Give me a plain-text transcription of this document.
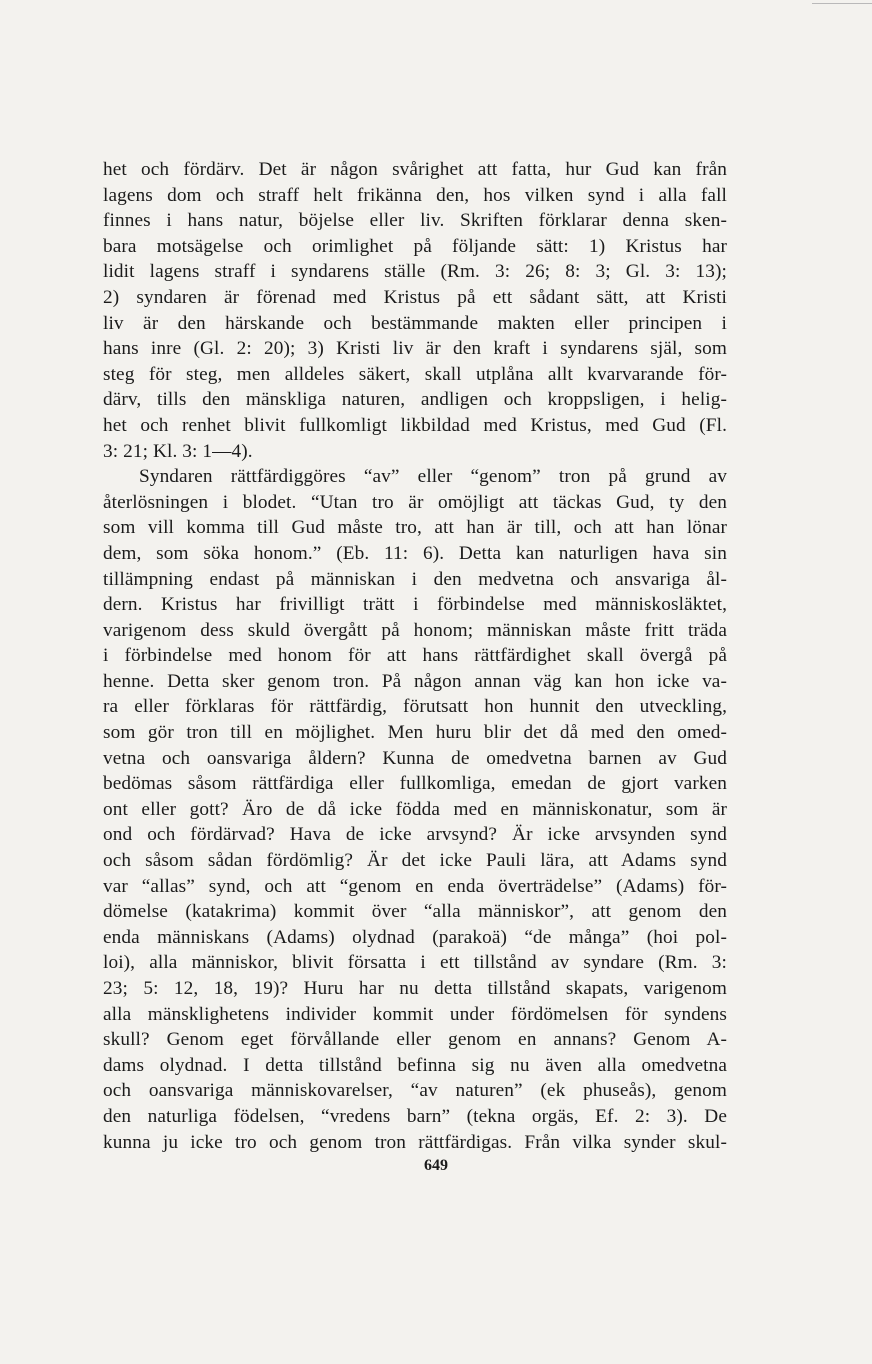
het och fördärv. Det är någon svårighet att fatta, hur Gud kan från
lagens dom och straff helt frikänna den, hos vilken synd i alla fall
finnes i hans natur, böjelse eller liv. Skriften förklarar denna sken-
bara motsägelse och orimlighet på följande sätt: 1) Kristus har
lidit lagens straff i syndarens ställe (Rm. 3: 26; 8: 3; Gl. 3: 13);
2) syndaren är förenad med Kristus på ett sådant sätt, att Kristi
liv är den härskande och bestämmande makten eller principen i
hans inre (Gl. 2: 20); 3) Kristi liv är den kraft i syndarens själ, som
steg för steg, men alldeles säkert, skall utplåna allt kvarvarande för-
därv, tills den mänskliga naturen, andligen och kroppsligen, i helig-
het och renhet blivit fullkomligt likbildad med Kristus, med Gud (Fl.
3: 21; Kl. 3: 1—4).
Syndaren rättfärdiggöres “av” eller “genom” tron på grund av
återlösningen i blodet. “Utan tro är omöjligt att täckas Gud, ty den
som vill komma till Gud måste tro, att han är till, och att han lönar
dem, som söka honom.” (Eb. 11: 6). Detta kan naturligen hava sin
tillämpning endast på människan i den medvetna och ansvariga ål-
dern. Kristus har frivilligt trätt i förbindelse med människosläktet,
varigenom dess skuld övergått på honom; människan måste fritt träda
i förbindelse med honom för att hans rättfärdighet skall övergå på
henne. Detta sker genom tron. På någon annan väg kan hon icke va-
ra eller förklaras för rättfärdig, förutsatt hon hunnit den utveckling,
som gör tron till en möjlighet. Men huru blir det då med den omed-
vetna och oansvariga åldern? Kunna de omedvetna barnen av Gud
bedömas såsom rättfärdiga eller fullkomliga, emedan de gjort varken
ont eller gott? Äro de då icke födda med en människonatur, som är
ond och fördärvad? Hava de icke arvsynd? Är icke arvsynden synd
och såsom sådan fördömlig? Är det icke Pauli lära, att Adams synd
var “allas” synd, och att “genom en enda överträdelse” (Adams) för-
dömelse (katakrima) kommit över “alla människor”, att genom den
enda människans (Adams) olydnad (parakoä) “de många” (hoi pol-
loi), alla människor, blivit försatta i ett tillstånd av syndare (Rm. 3:
23; 5: 12, 18, 19)? Huru har nu detta tillstånd skapats, varigenom
alla mänsklighetens individer kommit under fördömelsen för syndens
skull? Genom eget förvållande eller genom en annans? Genom A-
dams olydnad. I detta tillstånd befinna sig nu även alla omedvetna
och oansvariga människovarelser, “av naturen” (ek phuseås), genom
den naturliga födelsen, “vredens barn” (tekna orgäs, Ef. 2: 3). De
kunna ju icke tro och genom tron rättfärdigas. Från vilka synder skul-
649
